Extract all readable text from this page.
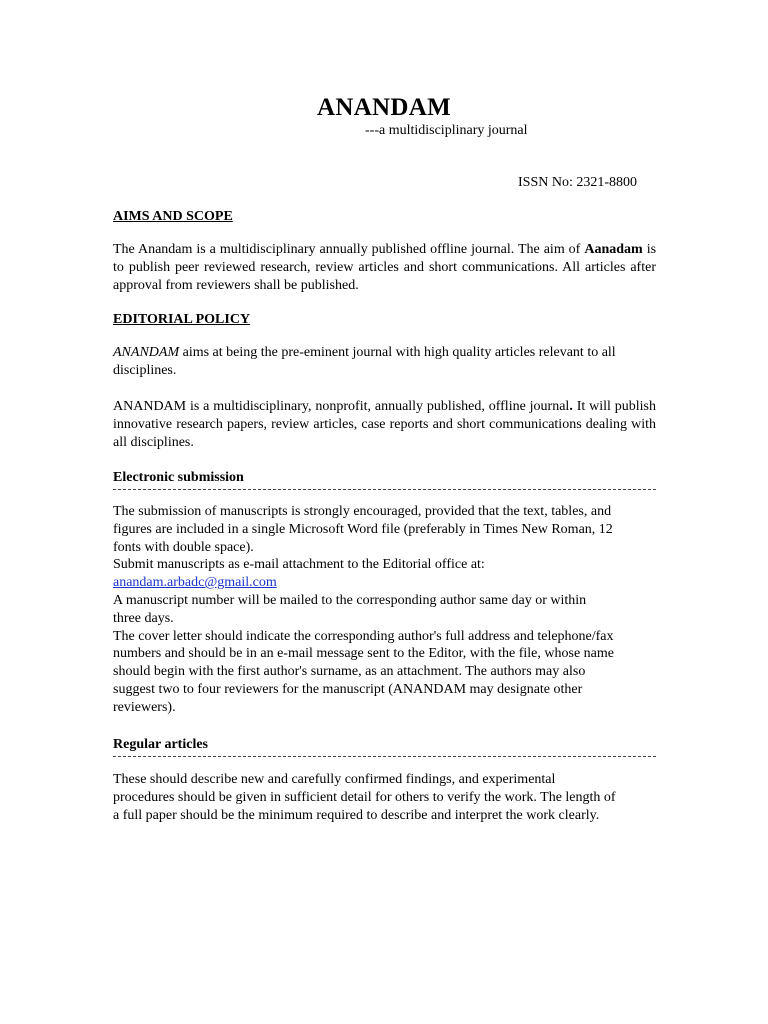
ANANDAM
---a multidisciplinary journal
ISSN No: 2321-8800

AIMS AND SCOPE

The Anandam is a multidisciplinary annually published offline journal. The aim of Aanadam is to publish peer reviewed research, review articles and short communications. All articles after approval from reviewers shall be published.

EDITORIAL POLICY

ANANDAM aims at being the pre-eminent journal with high quality articles relevant to all disciplines.
ANANDAM is a multidisciplinary, nonprofit, annually published, offline journal. It will publish innovative research papers, review articles, case reports and short communications dealing with all disciplines.

Electronic submission

The submission of manuscripts is strongly encouraged, provided that the text, tables, and
figures are included in a single Microsoft Word file (preferably in Times New Roman, 12
fonts with double space).
Submit manuscripts as e-mail attachment to the Editorial office at:
anandam.arbadc@gmail.com
A manuscript number will be mailed to the corresponding author same day or within
three days.
The cover letter should indicate the corresponding author's full address and telephone/fax
numbers and should be in an e-mail message sent to the Editor, with the file, whose name
should begin with the first author's surname, as an attachment. The authors may also
suggest two to four reviewers for the manuscript (ANANDAM may designate other
reviewers).

Regular articles

These should describe new and carefully confirmed findings, and experimental
procedures should be given in sufficient detail for others to verify the work. The length of
a full paper should be the minimum required to describe and interpret the work clearly.
